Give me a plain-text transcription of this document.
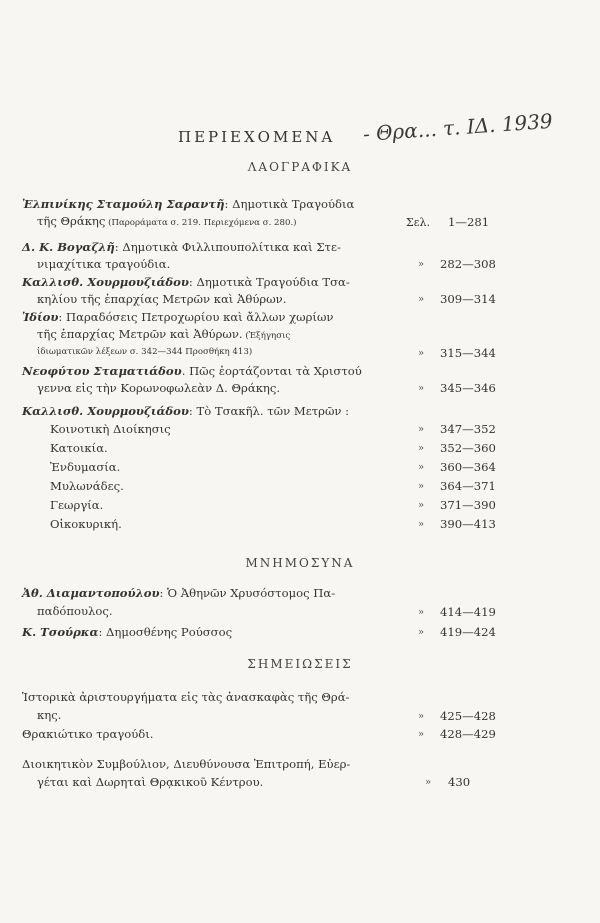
ΠΕΡΙΕΧΟΜΕΝΑ - Θρα... τ. ΙΔ. 1939
ΛΑΟΓΡΑΦΙΚΑ
Ἐλπινίκης Σταμούλη Σαραντῆ: Δημοτικὰ Τραγούδια
τῆς Θράκης (Παροράματα σ. 219. Περιεχόμενα σ. 280.)	Σελ. 1—281
Δ. Κ. Βογαζλῆ: Δημοτικὰ Φιλλιπουπολίτικα καὶ Στε-
νιμαχίτικα τραγούδια.	» 282—308
Καλλισθ. Χουρμουζιάδου: Δημοτικὰ Τραγούδια Τσα-
κηλίου τῆς ἐπαρχίας Μετρῶν καὶ Ἀθύρων.	» 309—314
Ἰδίου: Παραδόσεις Πετροχωρίου καὶ ἄλλων χωρίων
τῆς ἐπαρχίας Μετρῶν καὶ Ἀθύρων. (Ἐξήγησις
ἰδιωματικῶν λέξεων σ. 342—344 Προσθήκη 413)	» 315—344
Νεοφύτου Σταματιάδου. Πῶς ἑορτάζονται τὰ Χριστού
γεννα εἰς τὴν Κορωνοφωλεὰν Δ. Θράκης.	» 345—346
Καλλισθ. Χουρμουζιάδου: Τὸ Τσακῆλ. τῶν Μετρῶν :
Κοινοτικὴ Διοίκησις	» 347—352
Κατοικία.	» 352—360
Ἐνδυμασία.	» 360—364
Μυλωνάδες.	» 364—371
Γεωργία.	» 371—390
Οἰκοκυρική.	» 390—413
ΜΝΗΜΟΣΥΝΑ
Ἀθ. Διαμαντοπούλου: Ὁ Ἀθηνῶν Χρυσόστομος Πα-
παδόπουλος.	» 414—419
Κ. Τσούρκα: Δημοσθένης Ρούσσος	» 419—424
ΣΗΜΕΙΩΣΕΙΣ
Ἱστορικὰ ἀριστουργήματα εἰς τὰς ἀνασκαφὰς τῆς Θρά-
κης.	» 425—428
Θρακιώτικο τραγούδι.	» 428—429
Διοικητικὸν Συμβούλιον, Διευθύνουσα Ἐπιτροπή, Εὐερ-
γέται καὶ Δωρηταὶ Θρᾳκικοῦ Κέντρου.	» 430
